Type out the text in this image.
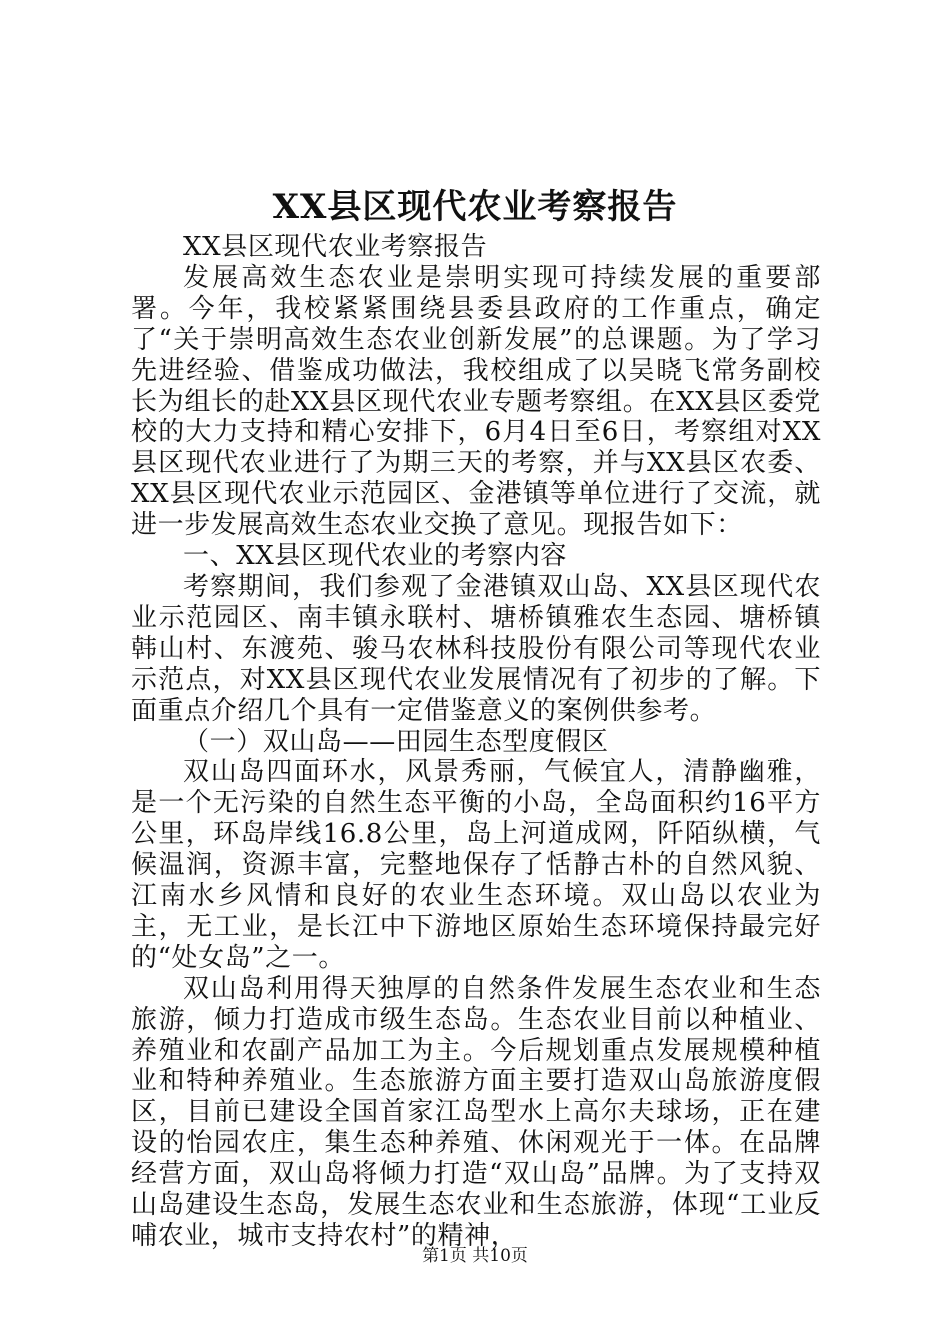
XX县区现代农业考察报告

XX县区现代农业考察报告

发展高效生态农业是崇明实现可持续发展的重要部署。今年，我校紧紧围绕县委县政府的工作重点，确定了“关于崇明高效生态农业创新发展”的总课题。为了学习先进经验、借鉴成功做法，我校组成了以吴晓飞常务副校长为组长的赴XX县区现代农业专题考察组。在XX县区委党校的大力支持和精心安排下，6月4日至6日，考察组对XX县区现代农业进行了为期三天的考察，并与XX县区农委、XX县区现代农业示范园区、金港镇等单位进行了交流，就进一步发展高效生态农业交换了意见。现报告如下：

一、XX县区现代农业的考察内容

考察期间，我们参观了金港镇双山岛、XX县区现代农业示范园区、南丰镇永联村、塘桥镇雅农生态园、塘桥镇韩山村、东渡苑、骏马农林科技股份有限公司等现代农业示范点，对XX县区现代农业发展情况有了初步的了解。下面重点介绍几个具有一定借鉴意义的案例供参考。

（一）双山岛——田园生态型度假区

双山岛四面环水，风景秀丽，气候宜人，清静幽雅，是一个无污染的自然生态平衡的小岛，全岛面积约16平方公里，环岛岸线16.8公里，岛上河道成网，阡陌纵横，气候温润，资源丰富，完整地保存了恬静古朴的自然风貌、江南水乡风情和良好的农业生态环境。双山岛以农业为主，无工业，是长江中下游地区原始生态环境保持最完好的“处女岛”之一。

双山岛利用得天独厚的自然条件发展生态农业和生态旅游，倾力打造成市级生态岛。生态农业目前以种植业、养殖业和农副产品加工为主。今后规划重点发展规模种植业和特种养殖业。生态旅游方面主要打造双山岛旅游度假区，目前已建设全国首家江岛型水上高尔夫球场，正在建设的怡园农庄，集生态种养殖、休闲观光于一体。在品牌经营方面，双山岛将倾力打造“双山岛”品牌。为了支持双山岛建设生态岛，发展生态农业和生态旅游，体现“工业反哺农业，城市支持农村”的精神，

第1页 共10页
